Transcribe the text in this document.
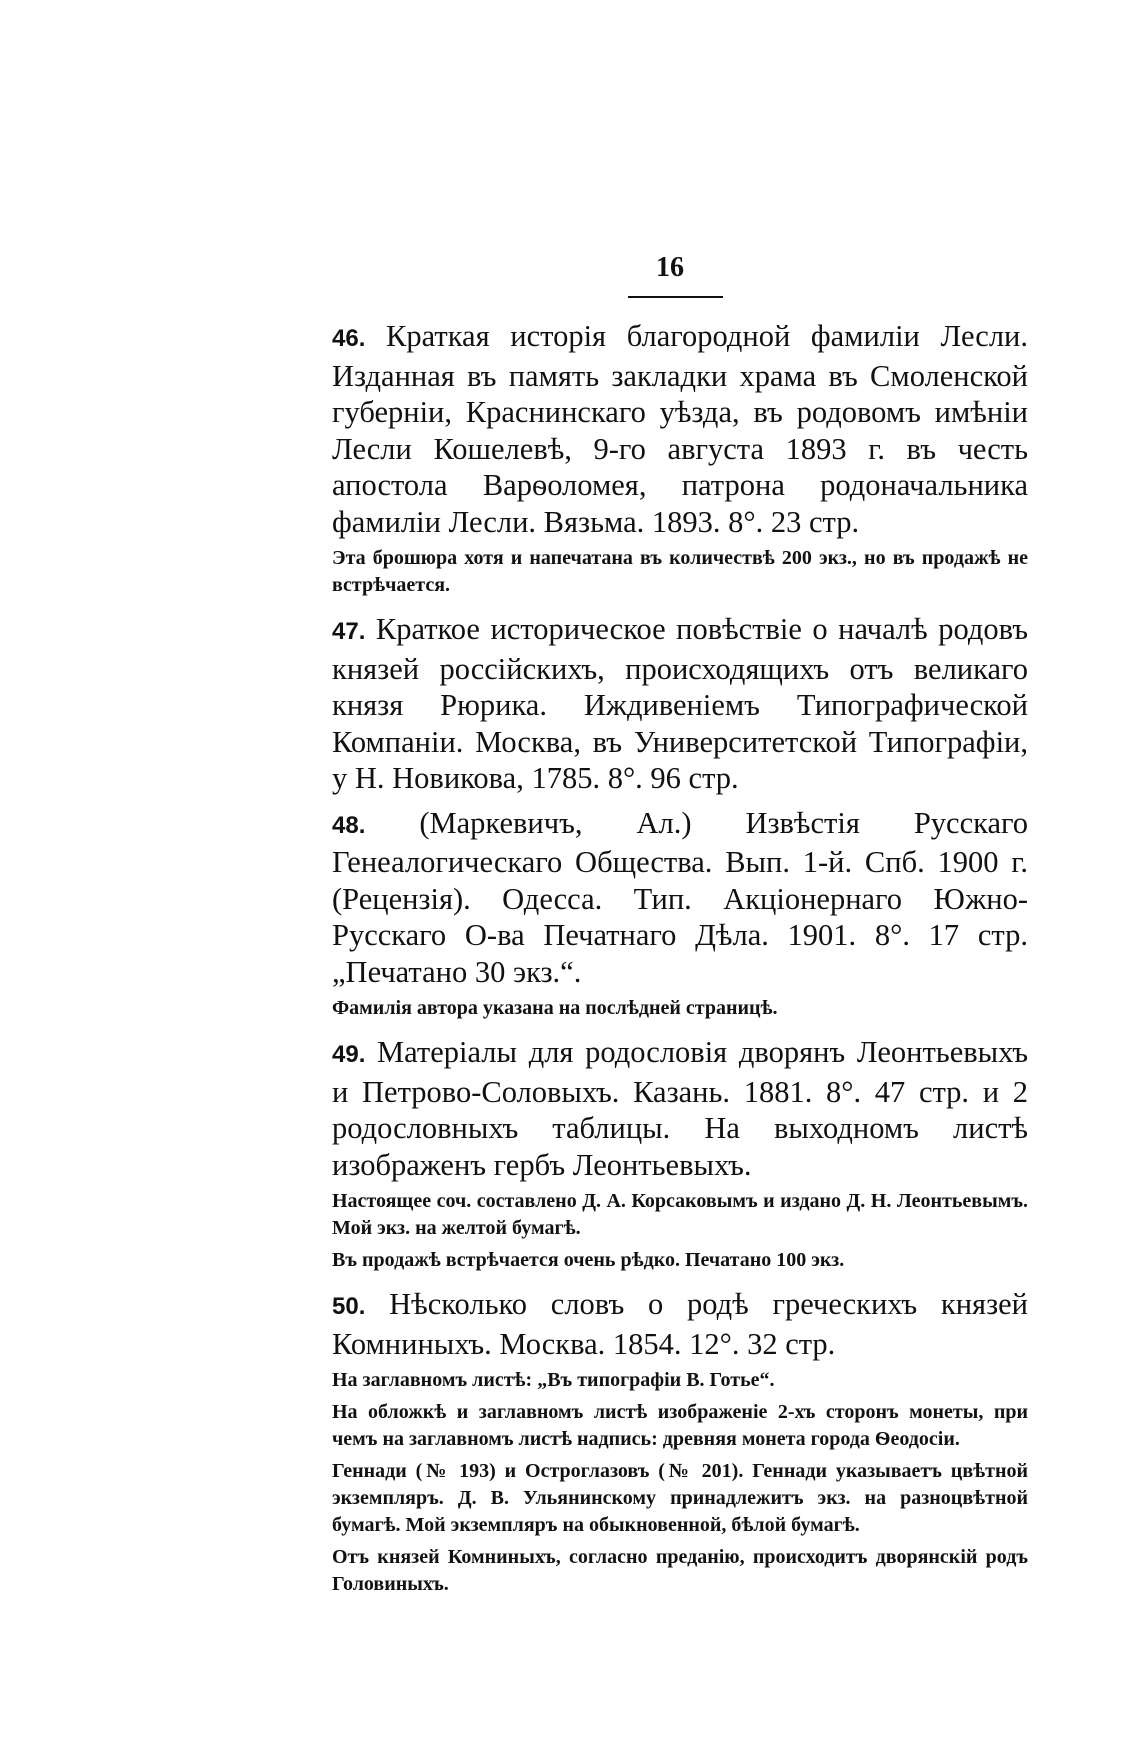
16

46. Краткая исторія благородной фамиліи Лесли. Изданная въ память закладки храма въ Смоленской губерніи, Краснинскаго уѣзда, въ родовомъ имѣніи Лесли Кошелевѣ, 9-го августа 1893 г. въ честь апостола Варѳоломея, патрона родоначальника фамиліи Лесли. Вязьма. 1893. 8°. 23 стр.

Эта брошюра хотя и напечатана въ количествѣ 200 экз., но въ продажѣ не встрѣчается.

47. Краткое историческое повѣствіе о началѣ родовъ князей россійскихъ, происходящихъ отъ великаго князя Рюрика. Иждивеніемъ Типографической Компаніи. Москва, въ Университетской Типографіи, у Н. Новикова, 1785. 8°. 96 стр.

48. (Маркевичъ, Ал.) Извѣстія Русскаго Генеалогическаго Общества. Вып. 1-й. Спб. 1900 г. (Рецензія). Одесса. Тип. Акціонернаго Южно-Русскаго О-ва Печатнаго Дѣла. 1901. 8°. 17 стр. „Печатано 30 экз.“.

Фамилія автора указана на послѣдней страницѣ.

49. Матеріалы для родословія дворянъ Леонтьевыхъ и Петрово-Соловыхъ. Казань. 1881. 8°. 47 стр. и 2 родословныхъ таблицы. На выходномъ листѣ изображенъ гербъ Леонтьевыхъ.

Настоящее соч. составлено Д. А. Корсаковымъ и издано Д. Н. Леонтьевымъ. Мой экз. на желтой бумагѣ.

Въ продажѣ встрѣчается очень рѣдко. Печатано 100 экз.

50. Нѣсколько словъ о родѣ греческихъ князей Комниныхъ. Москва. 1854. 12°. 32 стр.

На заглавномъ листѣ: „Въ типографіи В. Готье“.

На обложкѣ и заглавномъ листѣ изображеніе 2-хъ сторонъ монеты, при чемъ на заглавномъ листѣ надпись: древняя монета города Ѳеодосіи.

Геннади (№ 193) и Остроглазовъ (№ 201). Геннади указываетъ цвѣтной экземпляръ. Д. В. Ульянинскому принадлежитъ экз. на разноцвѣтной бумагѣ. Мой экземпляръ на обыкновенной, бѣлой бумагѣ.

Отъ князей Комниныхъ, согласно преданію, происходитъ дворянскій родъ Головиныхъ.
